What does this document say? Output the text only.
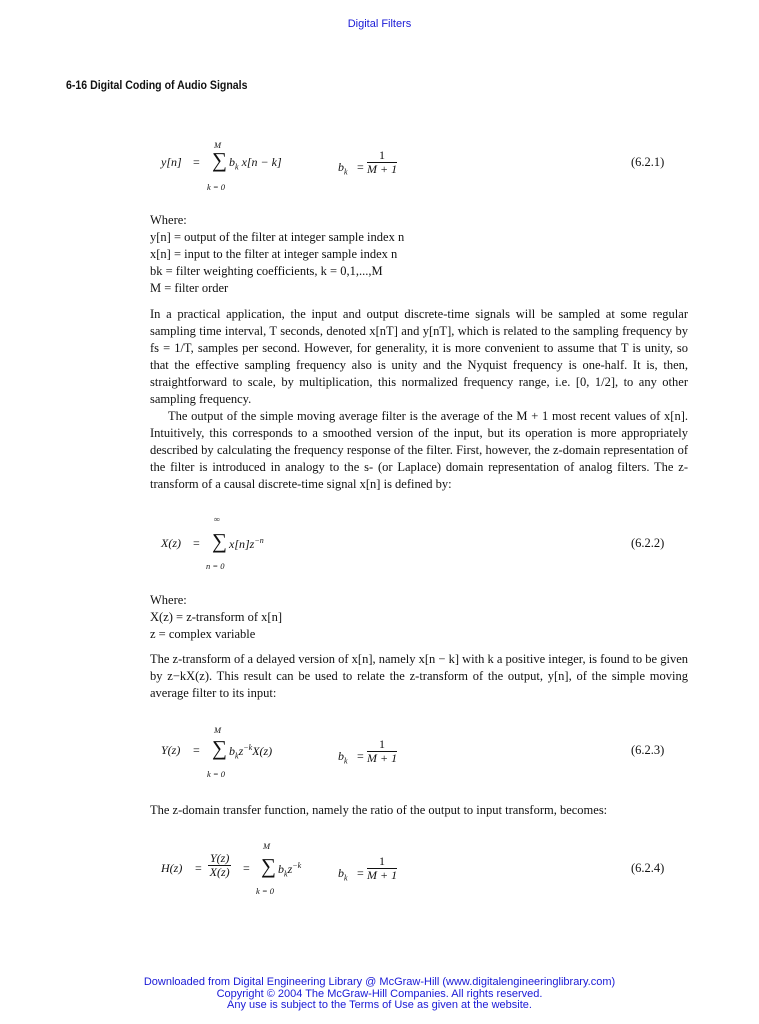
Digital Filters
6-16 Digital Coding of Audio Signals
y[n] =
M
∑
k = 0
$b_k$ x[n − k]	$b_k = \frac{1}{M + 1}$	(6.2.1)
Where:
y[n] = output of the filter at integer sample index n
x[n] = input to the filter at integer sample index n
bk = filter weighting coefficients, k = 0,1,...,M
M = filter order

In a practical application, the input and output discrete-time signals will be sampled at some regular sampling time interval, T seconds, denoted x[nT] and y[nT], which is related to the sampling frequency by fs = 1/T, samples per second. However, for generality, it is more convenient to assume that T is unity, so that the effective sampling frequency also is unity and the Nyquist frequency is one-half. It is, then, straightforward to scale, by multiplication, this normalized frequency range, i.e. [0, 1/2], to any other sampling frequency.

The output of the simple moving average filter is the average of the M + 1 most recent values of x[n]. Intuitively, this corresponds to a smoothed version of the input, but its operation is more appropriately described by calculating the frequency response of the filter. First, however, the z-domain representation of the filter is introduced in analogy to the s- (or Laplace) domain representation of analog filters. The z-transform of a causal discrete-time signal x[n] is defined by:

∞
X(z) = ∑
n = 0
$x[n]z^{-n}$	(6.2.2)
Where:
X(z) = z-transform of x[n]
z = complex variable

The z-transform of a delayed version of x[n], namely x[n − k] with k a positive integer, is found to be given by z−kX(z). This result can be used to relate the z-transform of the output, y[n], of the simple moving average filter to its input:

M
Y(z) = ∑
k = 0
$b_kz^{-k}X(z)$	$b_k = \frac{1}{M + 1}$	(6.2.3)

The z-domain transfer function, namely the ratio of the output to input transform, becomes:

$H(z) = \frac{Y(z)}{X(z)}$ =
M
∑
k = 0
$b_kz^{-k}$
$b_k = \frac{1}{M + 1}$	(6.2.4)
Downloaded from Digital Engineering Library @ McGraw-Hill (www.digitalengineeringlibrary.com)
Copyright © 2004 The McGraw-Hill Companies. All rights reserved.
Any use is subject to the Terms of Use as given at the website.
